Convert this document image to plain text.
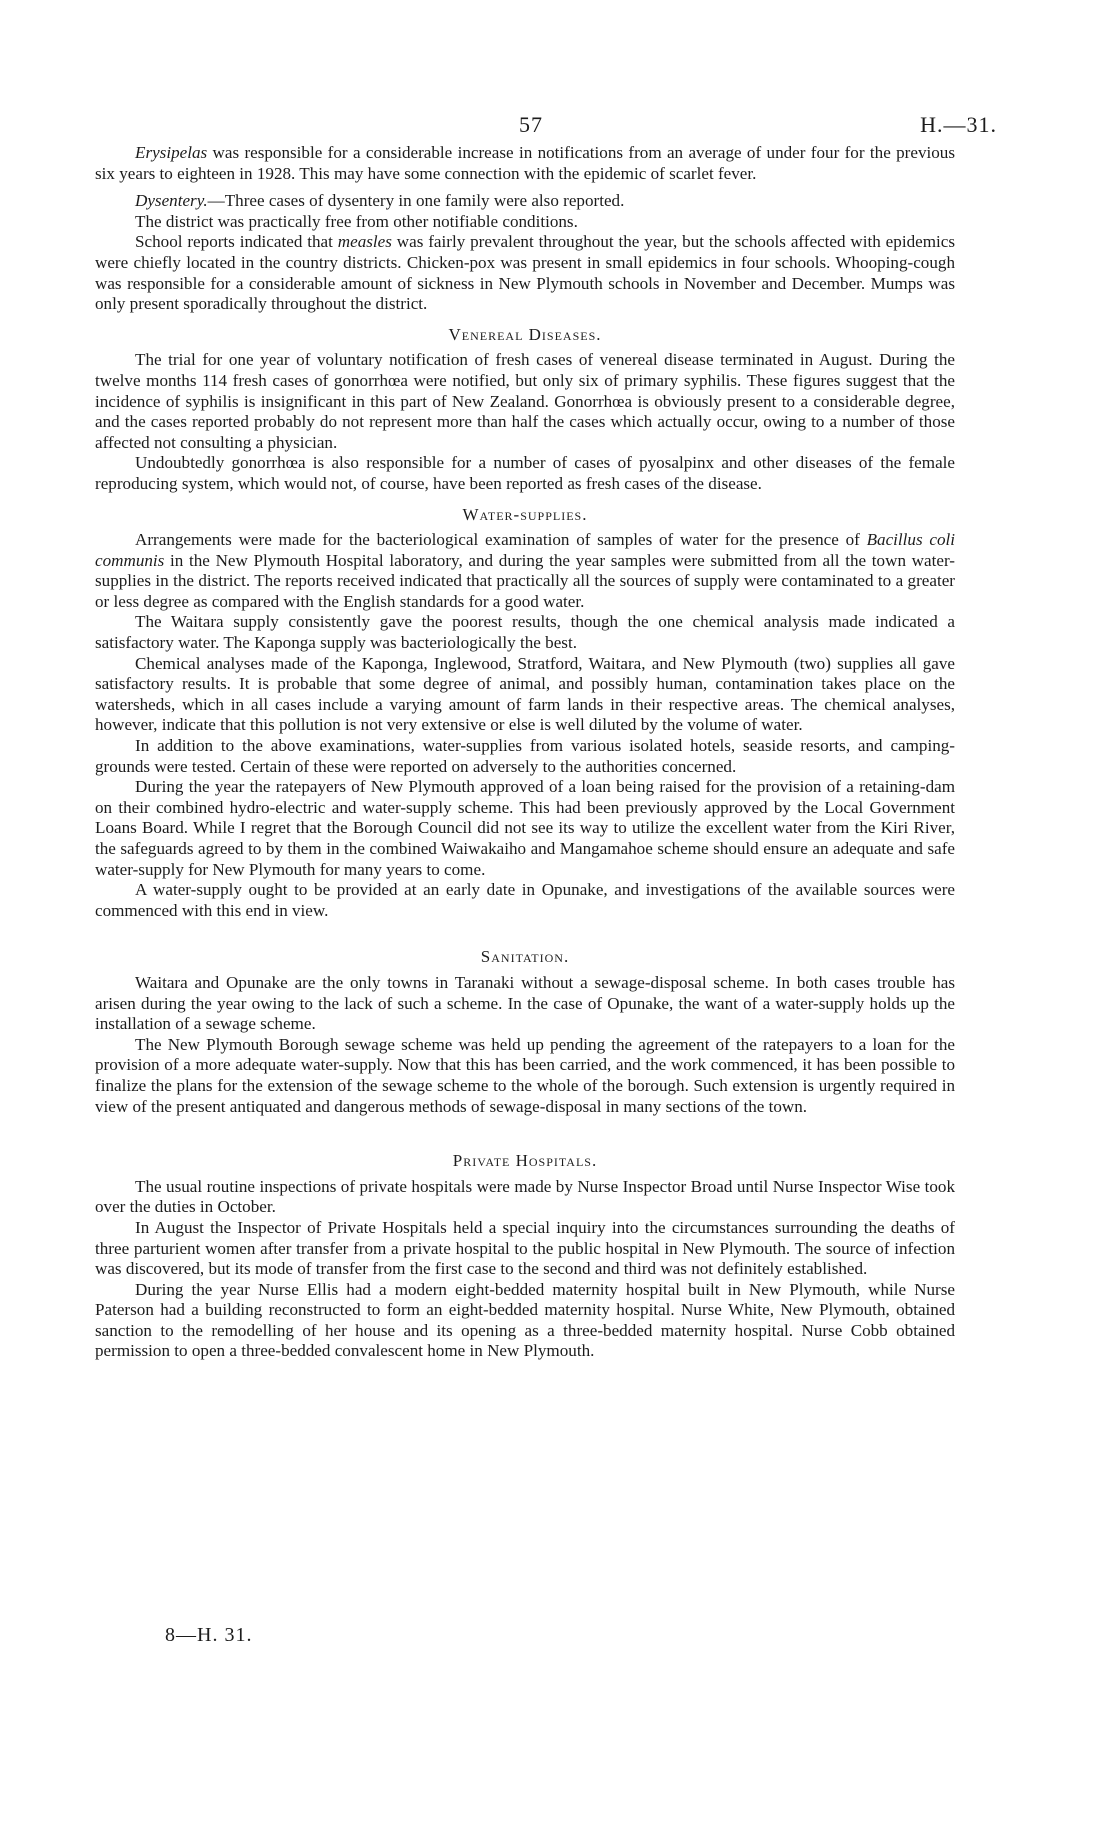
57	H.—31.

Erysipelas was responsible for a considerable increase in notifications from an average of under four for the previous six years to eighteen in 1928. This may have some connection with the epidemic of scarlet fever.

Dysentery.—Three cases of dysentery in one family were also reported.

The district was practically free from other notifiable conditions.

School reports indicated that measles was fairly prevalent throughout the year, but the schools affected with epidemics were chiefly located in the country districts. Chicken-pox was present in small epidemics in four schools. Whooping-cough was responsible for a considerable amount of sickness in New Plymouth schools in November and December. Mumps was only present sporadically throughout the district.

Venereal Diseases.

The trial for one year of voluntary notification of fresh cases of venereal disease terminated in August. During the twelve months 114 fresh cases of gonorrhœa were notified, but only six of primary syphilis. These figures suggest that the incidence of syphilis is insignificant in this part of New Zealand. Gonorrhœa is obviously present to a considerable degree, and the cases reported probably do not represent more than half the cases which actually occur, owing to a number of those affected not consulting a physician.

Undoubtedly gonorrhœa is also responsible for a number of cases of pyosalpinx and other diseases of the female reproducing system, which would not, of course, have been reported as fresh cases of the disease.

Water-supplies.

Arrangements were made for the bacteriological examination of samples of water for the presence of Bacillus coli communis in the New Plymouth Hospital laboratory, and during the year samples were submitted from all the town water-supplies in the district. The reports received indicated that practically all the sources of supply were contaminated to a greater or less degree as compared with the English standards for a good water.

The Waitara supply consistently gave the poorest results, though the one chemical analysis made indicated a satisfactory water. The Kaponga supply was bacteriologically the best.

Chemical analyses made of the Kaponga, Inglewood, Stratford, Waitara, and New Plymouth (two) supplies all gave satisfactory results. It is probable that some degree of animal, and possibly human, contamination takes place on the watersheds, which in all cases include a varying amount of farm lands in their respective areas. The chemical analyses, however, indicate that this pollution is not very extensive or else is well diluted by the volume of water.

In addition to the above examinations, water-supplies from various isolated hotels, seaside resorts, and camping-grounds were tested. Certain of these were reported on adversely to the authorities concerned.

During the year the ratepayers of New Plymouth approved of a loan being raised for the provision of a retaining-dam on their combined hydro-electric and water-supply scheme. This had been previously approved by the Local Government Loans Board. While I regret that the Borough Council did not see its way to utilize the excellent water from the Kiri River, the safeguards agreed to by them in the combined Waiwakaiho and Mangamahoe scheme should ensure an adequate and safe water-supply for New Plymouth for many years to come.

A water-supply ought to be provided at an early date in Opunake, and investigations of the available sources were commenced with this end in view.

Sanitation.

Waitara and Opunake are the only towns in Taranaki without a sewage-disposal scheme. In both cases trouble has arisen during the year owing to the lack of such a scheme. In the case of Opunake, the want of a water-supply holds up the installation of a sewage scheme.

The New Plymouth Borough sewage scheme was held up pending the agreement of the ratepayers to a loan for the provision of a more adequate water-supply. Now that this has been carried, and the work commenced, it has been possible to finalize the plans for the extension of the sewage scheme to the whole of the borough. Such extension is urgently required in view of the present antiquated and dangerous methods of sewage-disposal in many sections of the town.

Private Hospitals.

The usual routine inspections of private hospitals were made by Nurse Inspector Broad until Nurse Inspector Wise took over the duties in October.

In August the Inspector of Private Hospitals held a special inquiry into the circumstances surrounding the deaths of three parturient women after transfer from a private hospital to the public hospital in New Plymouth. The source of infection was discovered, but its mode of transfer from the first case to the second and third was not definitely established.

During the year Nurse Ellis had a modern eight-bedded maternity hospital built in New Plymouth, while Nurse Paterson had a building reconstructed to form an eight-bedded maternity hospital. Nurse White, New Plymouth, obtained sanction to the remodelling of her house and its opening as a three-bedded maternity hospital. Nurse Cobb obtained permission to open a three-bedded convalescent home in New Plymouth.

8—H. 31.
